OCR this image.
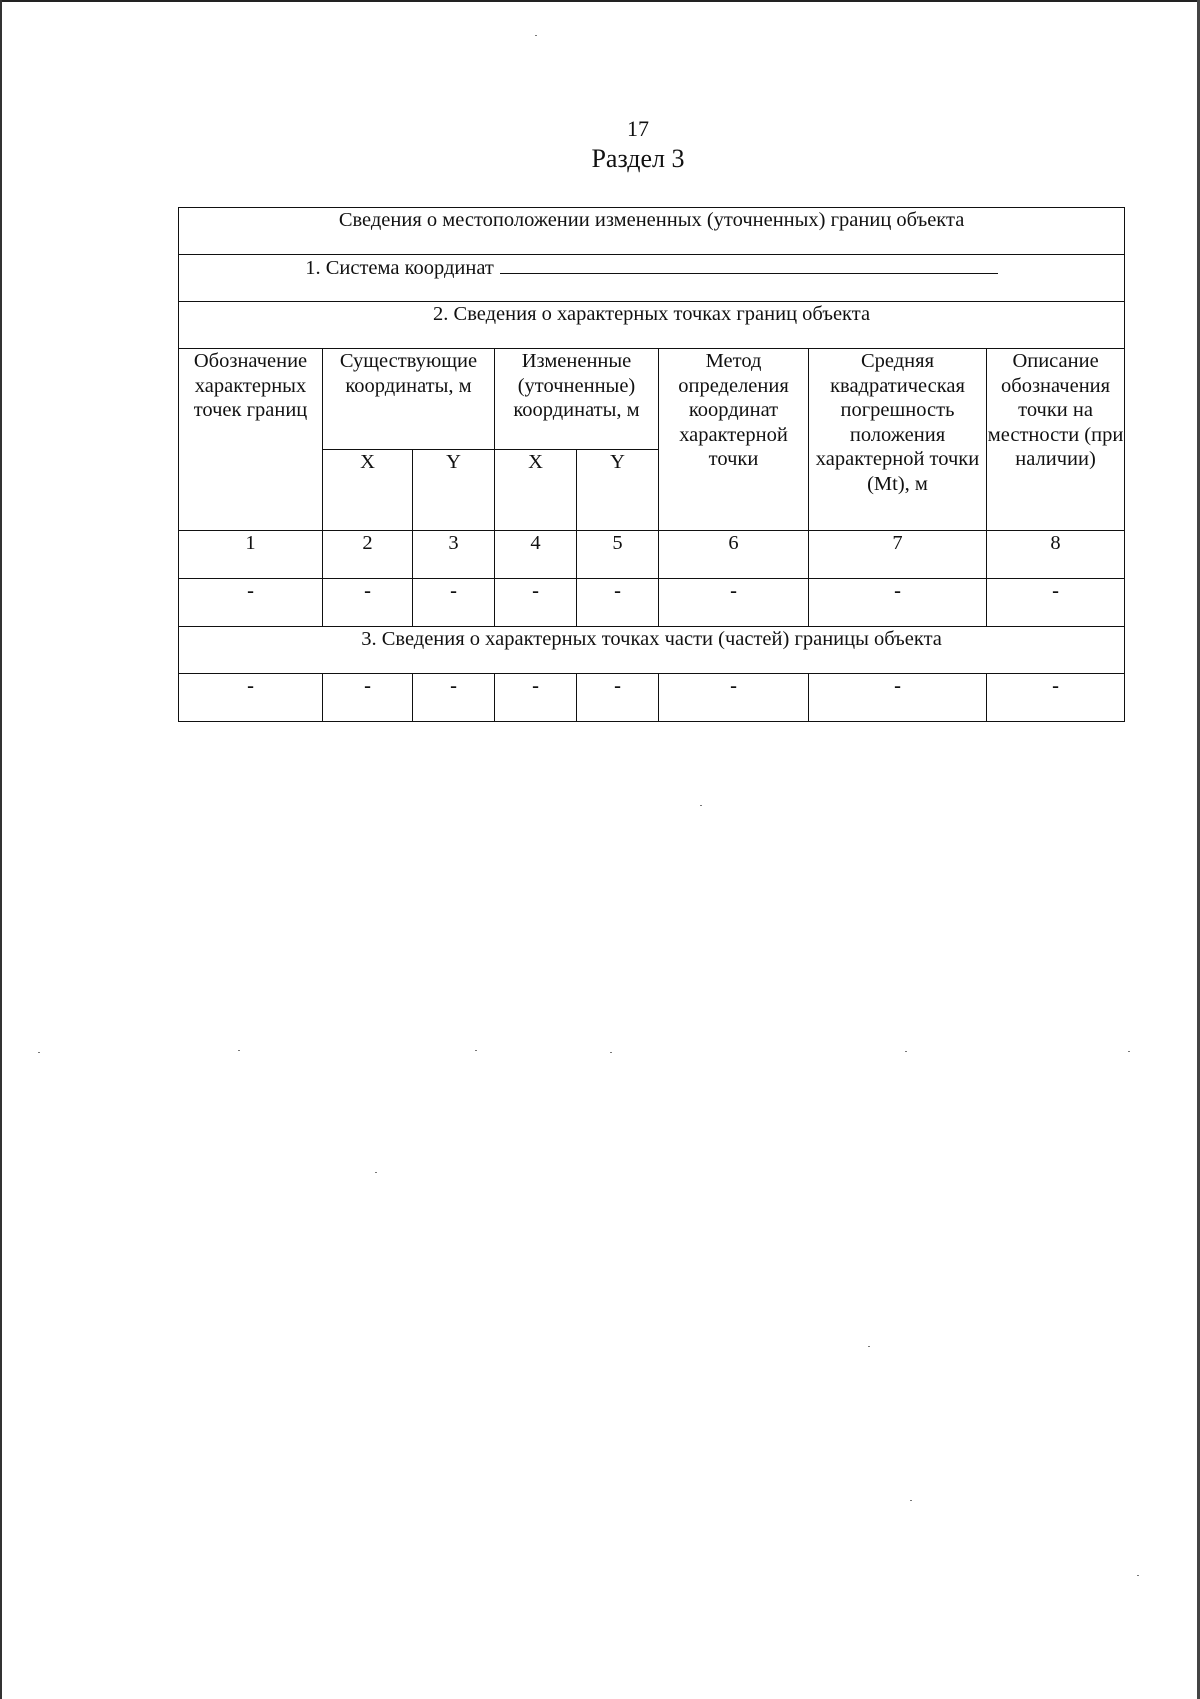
17
Раздел 3
Сведения о местоположении измененных (уточненных) границ объекта							
1. Система координат							
2. Сведения о характерных точках границ объекта							
Обозначение характерных точек границ	Существующие координаты, м		Измененные (уточненные) координаты, м		Метод определения координат характерной точки	Средняя квадратическая погрешность положения характерной точки (Mt), м	Описание обозначения точки на местности (при наличии)
	X	Y	X	Y			
1	2	3	4	5	6	7	8
-	-	-	-	-	-	-	-
3. Сведения о характерных точках части (частей) границы объекта							
-	-	-	-	-	-	-	-
